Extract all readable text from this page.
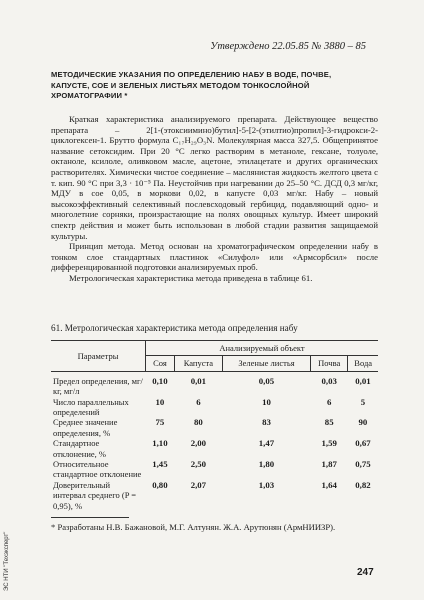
Утверждено 22.05.85 № 3880 – 85
МЕТОДИЧЕСКИЕ УКАЗАНИЯ ПО ОПРЕДЕЛЕНИЮ НАБУ В ВОДЕ, ПОЧВЕ, КАПУСТЕ, СОЕ И ЗЕЛЕНЫХ ЛИСТЬЯХ МЕТОДОМ ТОНКОСЛОЙНОЙ ХРОМАТОГРАФИИ *

Краткая характеристика анализируемого препарата. Действующее вещество препарата – 2[1-(этоксиимино)бутил]-5-[2-(этилтио)пропил]-3-гидрокси-2-циклогексен-1. Брутто формула C₁₇H₂₉O₃N. Молекулярная масса 327,5. Общепринятое название сетоксидим. При 20 °C легко растворим в метаноле, гексане, толуоле, октаноле, ксилоле, оливковом масле, ацетоне, этилацетате и других органических растворителях. Химически чистое соединение – маслянистая жидкость желтого цвета с т. кип. 90 °C при 3,3 · 10⁻⁵ Па. Неустойчив при нагревании до 25–50 °C. ДСД 0,3 мг/кг, МДУ в сое 0,05, в моркови 0,02, в капусте 0,03 мг/кг. Набу – новый высокоэффективный селективный послевсходовый гербицид, подавляющий одно- и многолетние сорняки, произрастающие на полях овощных культур. Имеет широкий спектр действия и может быть использован в любой стадии развития защищаемой культуры.

Принцип метода. Метод основан на хроматографическом определении набу в тонком слое стандартных пластинок «Силуфол» или «Армсорбсил» после дифференцированной подготовки анализируемых проб.

Метрологическая характеристика метода приведена в таблице 61.

61. Метрологическая характеристика метода определения набу
Параметры	Анализируемый объект				
	Соя	Капуста	Зеленые листья	Почва	Вода
Предел определения, мг/кг, мг/л	0,10	0,01	0,05	0,03	0,01
Число параллельных определений	10	6	10	6	5
Среднее значение определения, %	75	80	83	85	90
Стандартное отклонение, %	1,10	2,00	1,47	1,59	0,67
Относительное стандартное отклонение	1,45	2,50	1,80	1,87	0,75
Доверительный интервал среднего (P = 0,95), %	0,80	2,07	1,03	1,64	0,82
* Разработаны Н.В. Бажановой, М.Г. Алтунян. Ж.А. Арутюнян (АрмНИИЗР).
247
ЭС НТИ "Техэксперт"
